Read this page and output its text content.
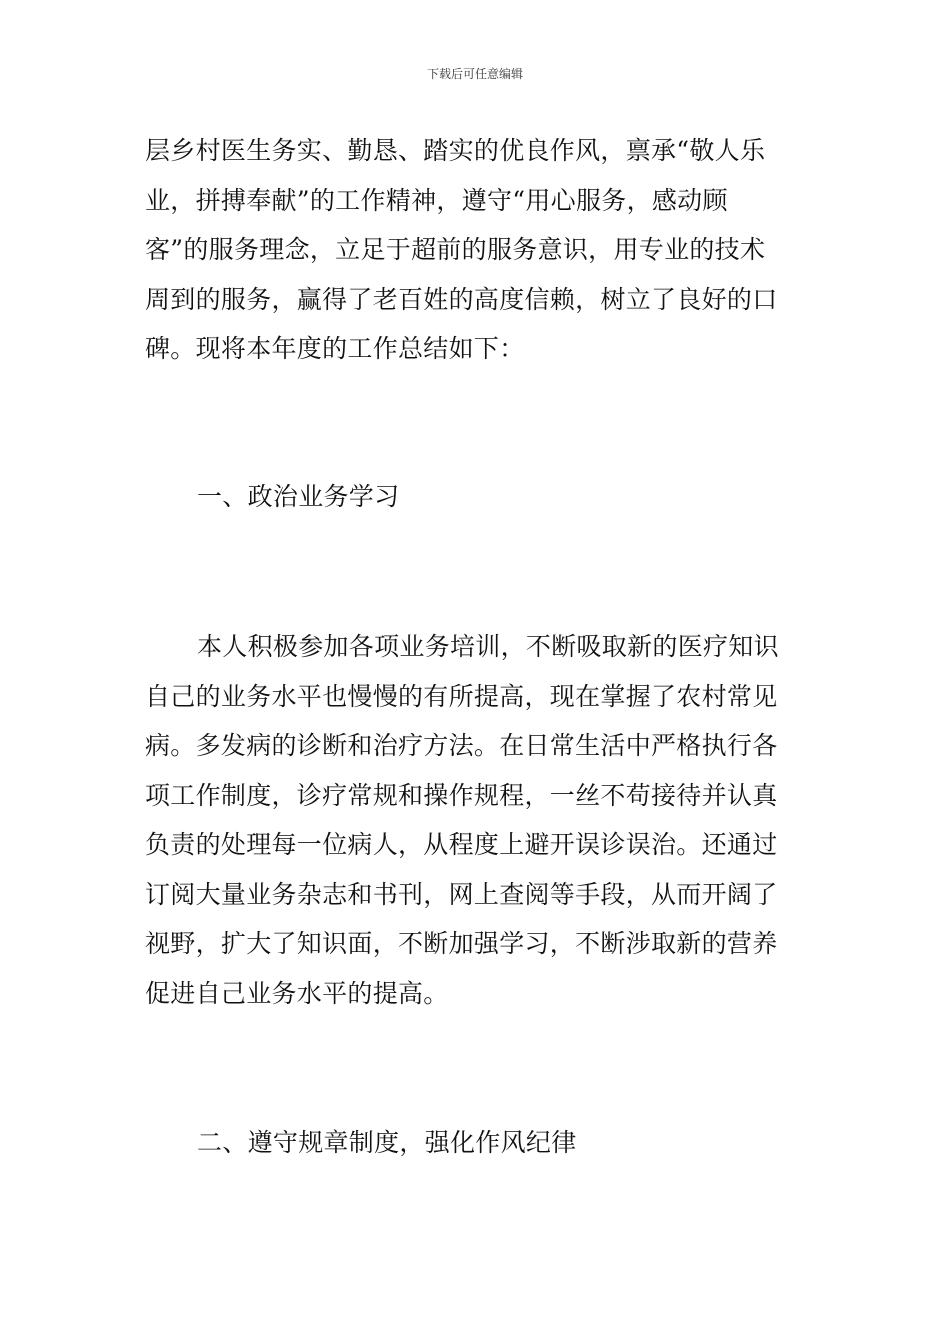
下载后可任意编辑
层乡村医生务实、勤恳、踏实的优良作风，禀承“敬人乐
业，拼搏奉献”的工作精神，遵守“用心服务，感动顾
客”的服务理念，立足于超前的服务意识，用专业的技术
周到的服务，赢得了老百姓的高度信赖，树立了良好的口
碑。现将本年度的工作总结如下：
一、政治业务学习
本人积极参加各项业务培训，不断吸取新的医疗知识
自己的业务水平也慢慢的有所提高，现在掌握了农村常见
病。多发病的诊断和治疗方法。在日常生活中严格执行各
项工作制度，诊疗常规和操作规程，一丝不苟接待并认真
负责的处理每一位病人，从程度上避开误诊误治。还通过
订阅大量业务杂志和书刊，网上查阅等手段，从而开阔了
视野，扩大了知识面，不断加强学习，不断涉取新的营养
促进自己业务水平的提高。
二、遵守规章制度，强化作风纪律
